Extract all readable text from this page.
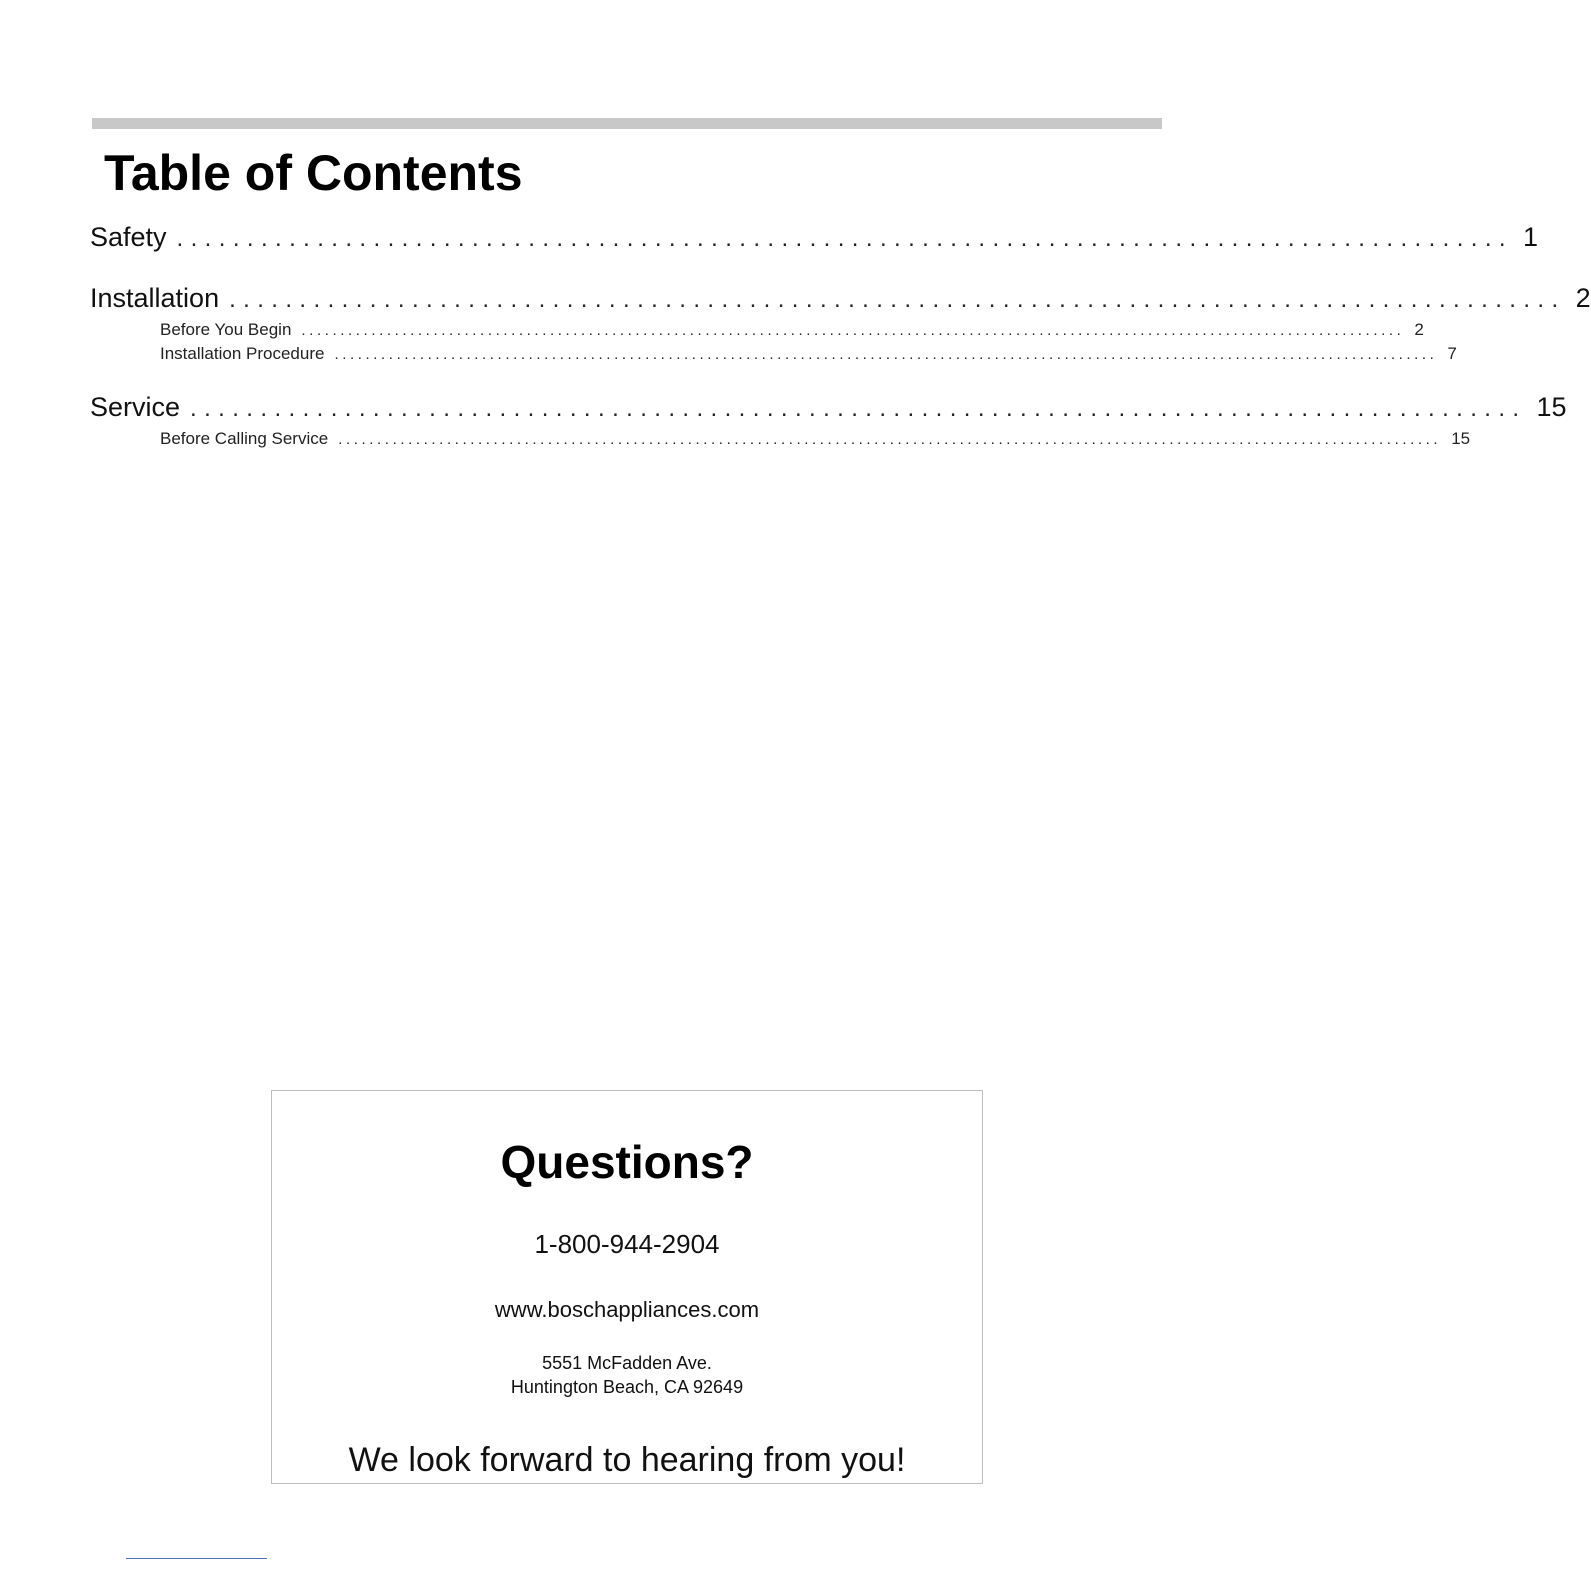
Table of Contents
Safety ............................................................................................... 1
Installation ............................................................................................... 2
Before You Begin .............................................................................................................................................. 2
Installation Procedure .............................................................................................................................................. 7
Service ............................................................................................... 15
Before Calling Service .............................................................................................................................................. 15
Questions?
1-800-944-2904
www.boschappliances.com
5551 McFadden Ave.
Huntington Beach, CA 92649
We look forward to hearing from you!
